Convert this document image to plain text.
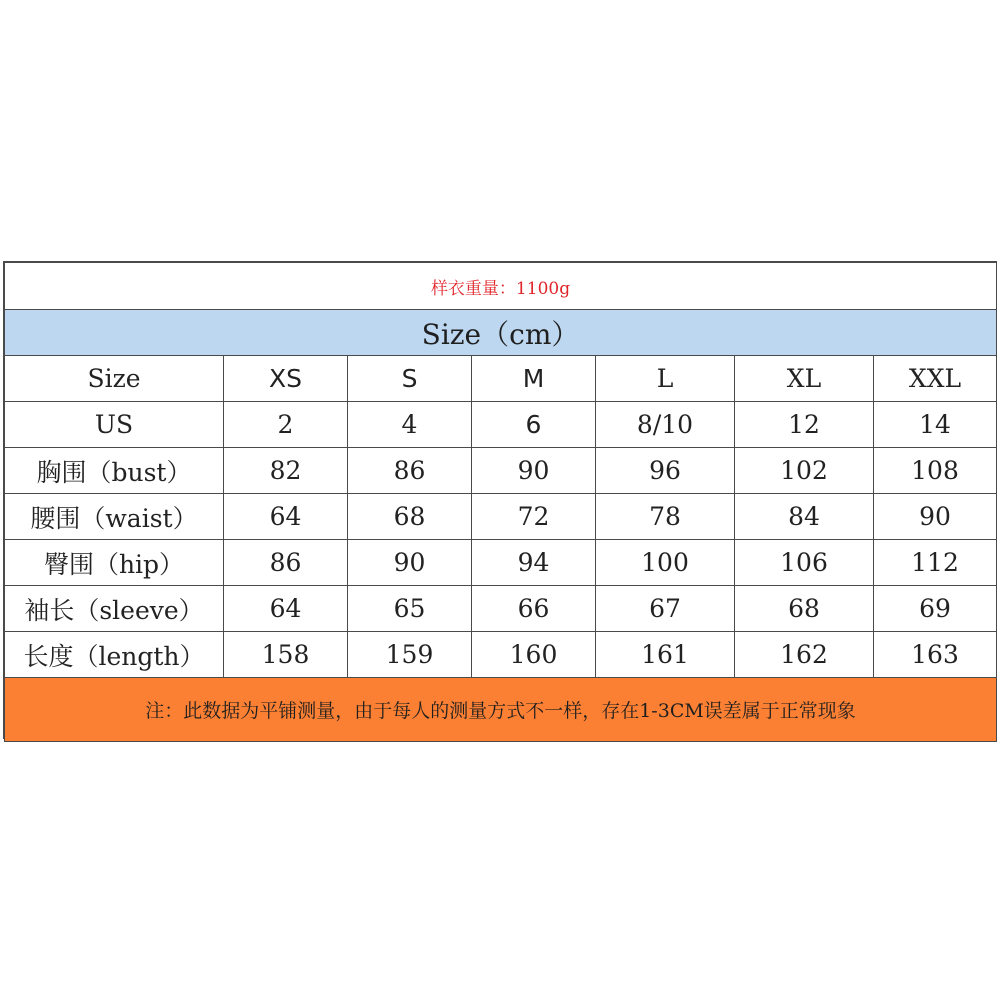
样衣重量：1100g						
Size（cm）						
Size	XS	S	M	L	XL	XXL
US	2	4	6	8/10	12	14
胸围（bust）	82	86	90	96	102	108
腰围（waist）	64	68	72	78	84	90
臀围（hip）	86	90	94	100	106	112
袖长（sleeve）	64	65	66	67	68	69
长度（length）	158	159	160	161	162	163
注：此数据为平铺测量，由于每人的测量方式不一样，存在1-3CM误差属于正常现象						
